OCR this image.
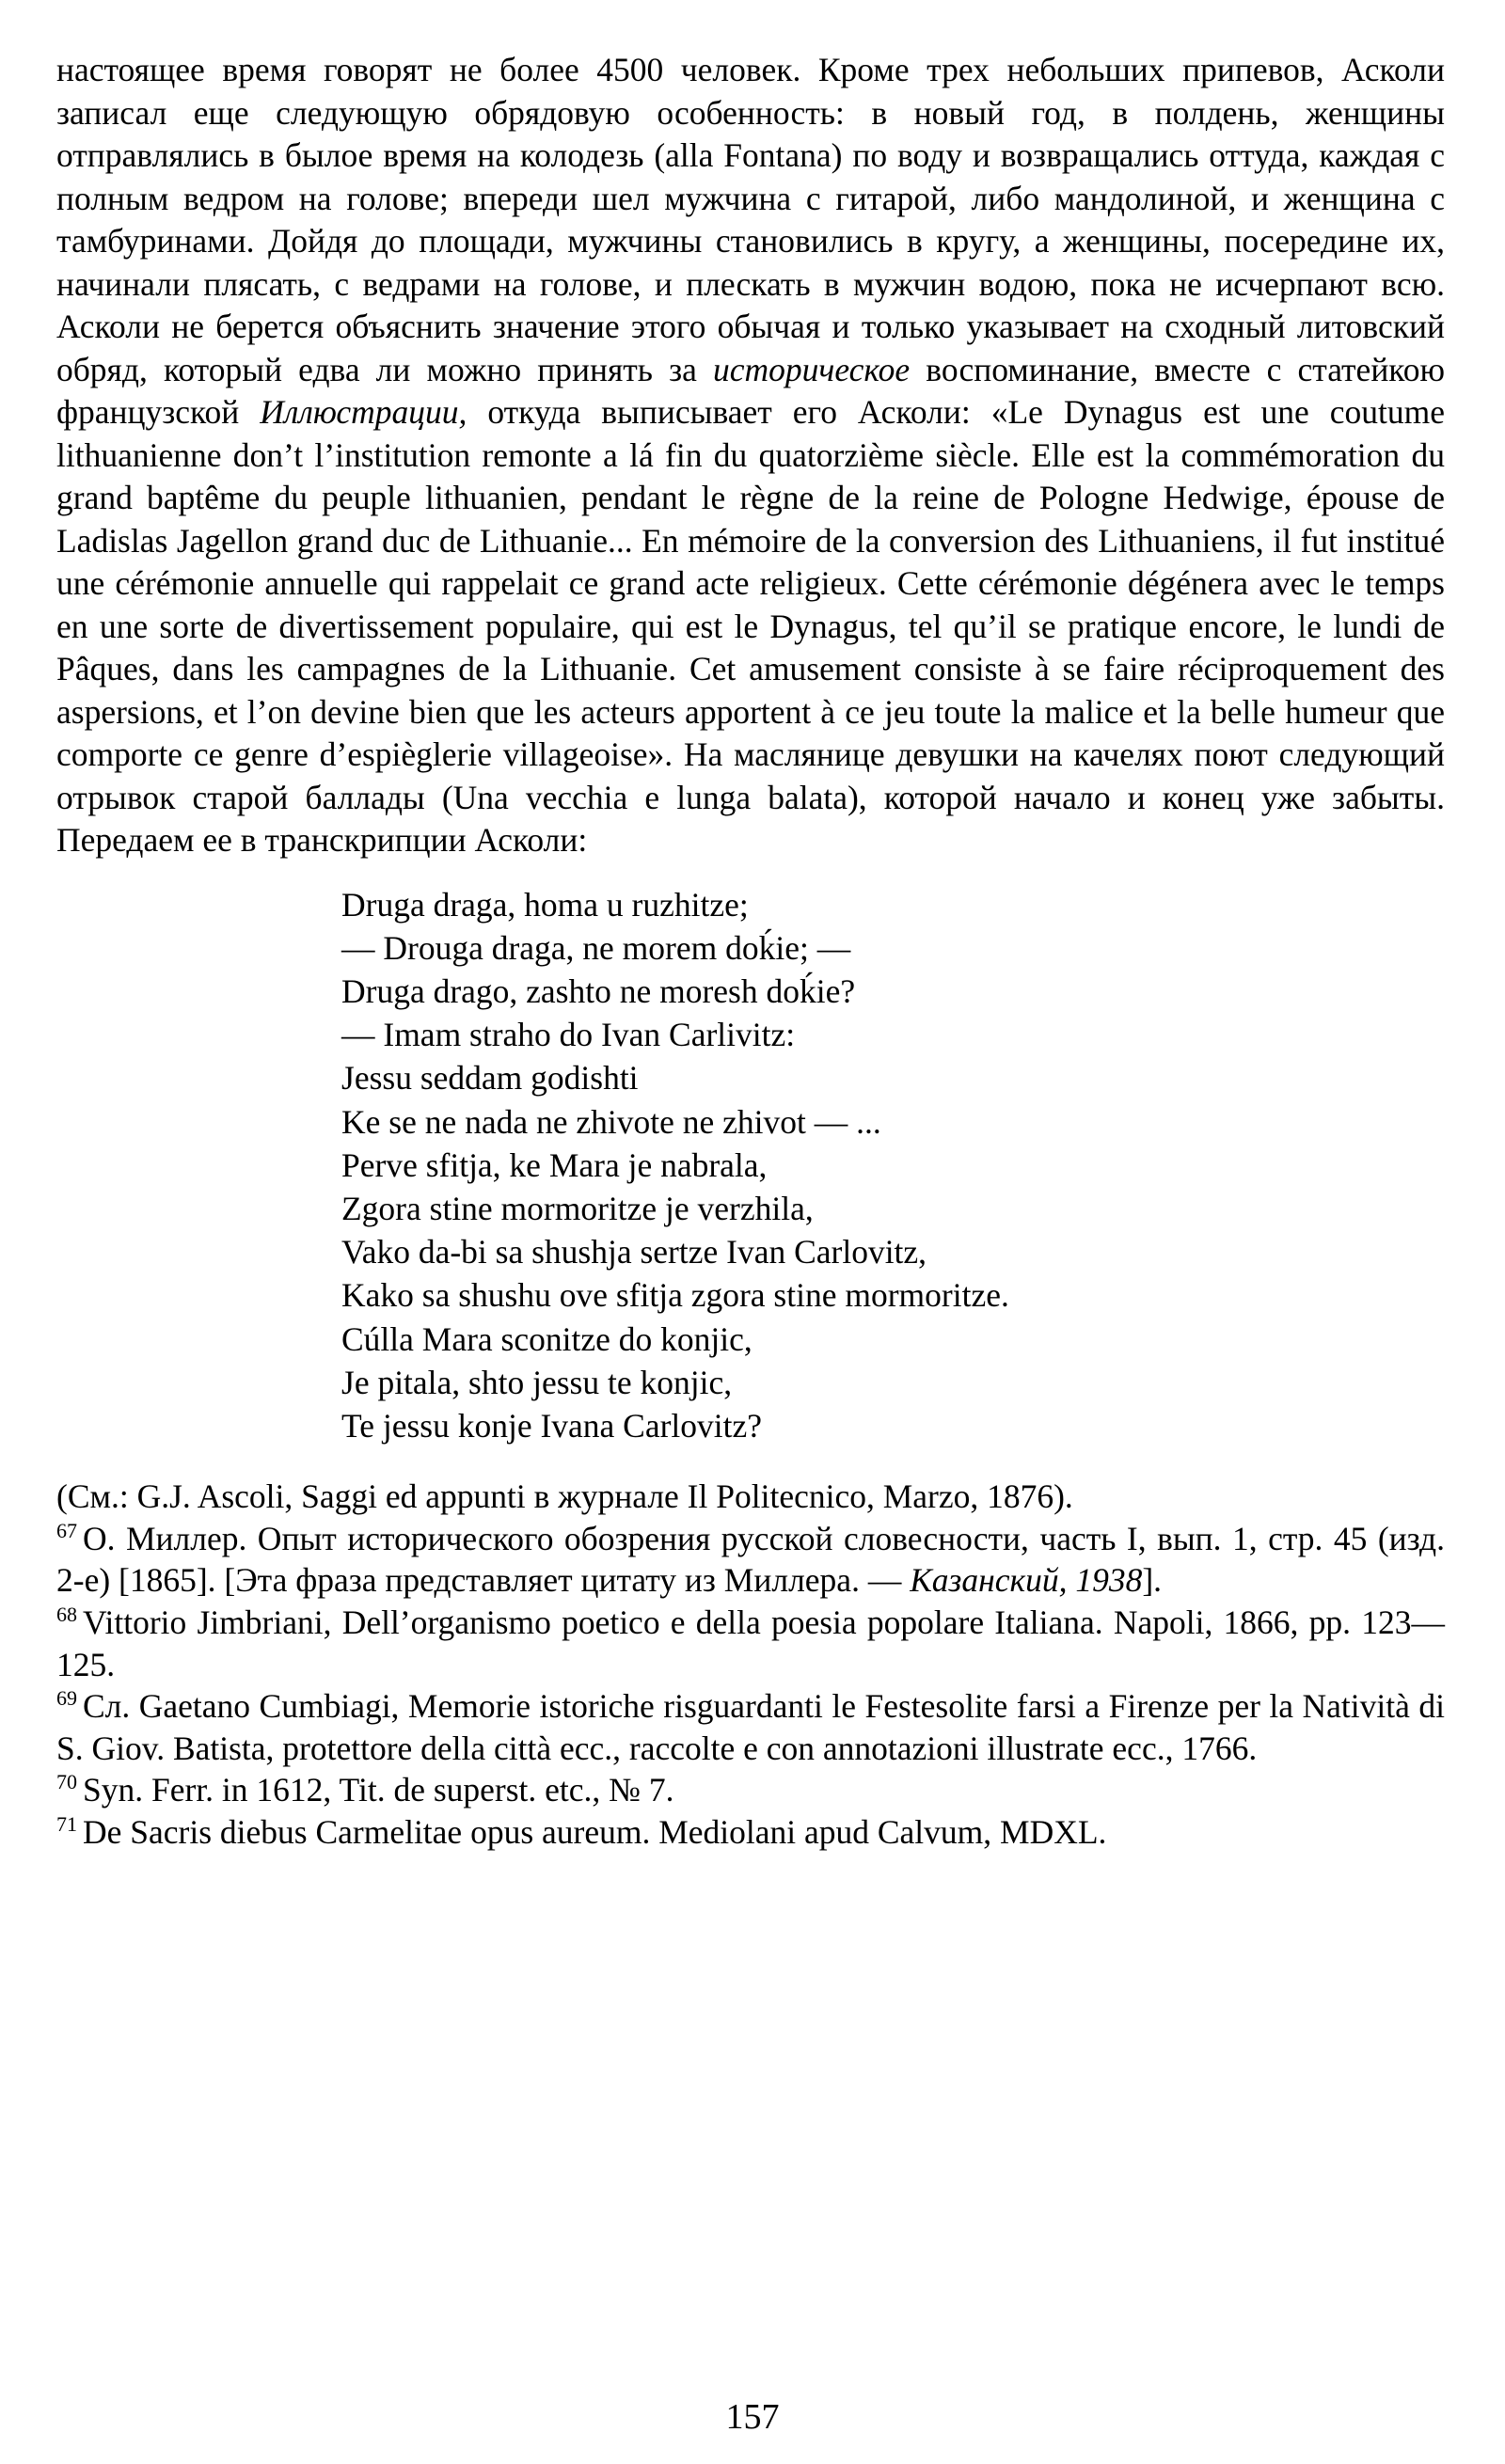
настоящее время говорят не более 4500 человек. Кроме трех небольших припевов, Асколи записал еще следующую обрядовую особенность: в новый год, в полдень, женщины отправлялись в былое время на колодезь (alla Fontana) по воду и возвращались оттуда, каждая с полным ведром на голове; впереди шел мужчина с гитарой, либо мандолиной, и женщина с тамбуринами. Дойдя до площади, мужчины становились в кругу, а женщины, посередине их, начинали плясать, с ведрами на голове, и плескать в мужчин водою, пока не исчерпают всю. Асколи не берется объяснить значение этого обычая и только указывает на сходный литовский обряд, который едва ли можно принять за историческое воспоминание, вместе с статейкою французской Иллюстрации, откуда выписывает его Асколи: «Le Dynagus est une coutume lithuanienne don’t l’institution remonte a lá fin du quatorzième siècle. Elle est la commémoration du grand baptême du peuple lithuanien, pendant le règne de la reine de Pologne Hedwige, épouse de Ladislas Jagellon grand duc de Lithuanie... En mémoire de la conversion des Lithuaniens, il fut institué une cérémonie annuelle qui rappelait ce grand acte religieux. Cette cérémonie dégénera avec le temps en une sorte de divertissement populaire, qui est le Dynagus, tel qu’il se pratique encore, le lundi de Pâques, dans les campagnes de la Lithuanie. Cet amusement consiste à se faire réciproquement des aspersions, et l’on devine bien que les acteurs apportent à ce jeu toute la malice et la belle humeur que comporte ce genre d’espièglerie villageoise». На маслянице девушки на качелях поют следующий отрывок старой баллады (Una vecchia e lunga balata), которой начало и конец уже забыты. Передаем ее в транскрипции Асколи:

Druga draga, homa u ruzhitze;
— Drouga draga, ne morem doḱie; —
Druga drago, zashto ne moresh doḱie?
— Imam straho do Ivan Carlivitz:
Jessu seddam godishti
Ke se ne nada ne zhivote ne zhivot — ...
Perve sfitja, ke Mara je nabrala,
Zgora stine mormoritze je verzhila,
Vako da-bi sa shushja sertze Ivan Carlovitz,
Kako sa shushu ove sfitja zgora stine mormoritze.
Cúlla Mara sconitze do konjic,
Je pitala, shto jessu te konjic,
Te jessu konje Ivana Carlovitz?

(См.: G.J. Ascoli, Saggi ed appunti в журнале Il Politecnico, Marzo, 1876).

$^{67}$ О. Миллер. Опыт исторического обозрения русской словесности, часть I, вып. 1, стр. 45 (изд. 2-е) [1865]. [Эта фраза представляет цитату из Миллера. — Казанский, 1938].

$^{68}$ Vittorio Jimbriani, Dell’organismo poetico e della poesia popolare Italiana. Napoli, 1866, pp. 123—125.

$^{69}$ Сл. Gaetano Cumbiagi, Memorie istoriche risguardanti le Festesolite farsi a Firenze per la Natività di S. Giov. Batista, protettore della città ecc., raccolte e con annotazioni illustrate ecc., 1766.

$^{70}$ Syn. Ferr. in 1612, Tit. de superst. etc., № 7.

$^{71}$ De Sacris diebus Carmelitae opus aureum. Mediolani apud Calvum, MDXL.

157
